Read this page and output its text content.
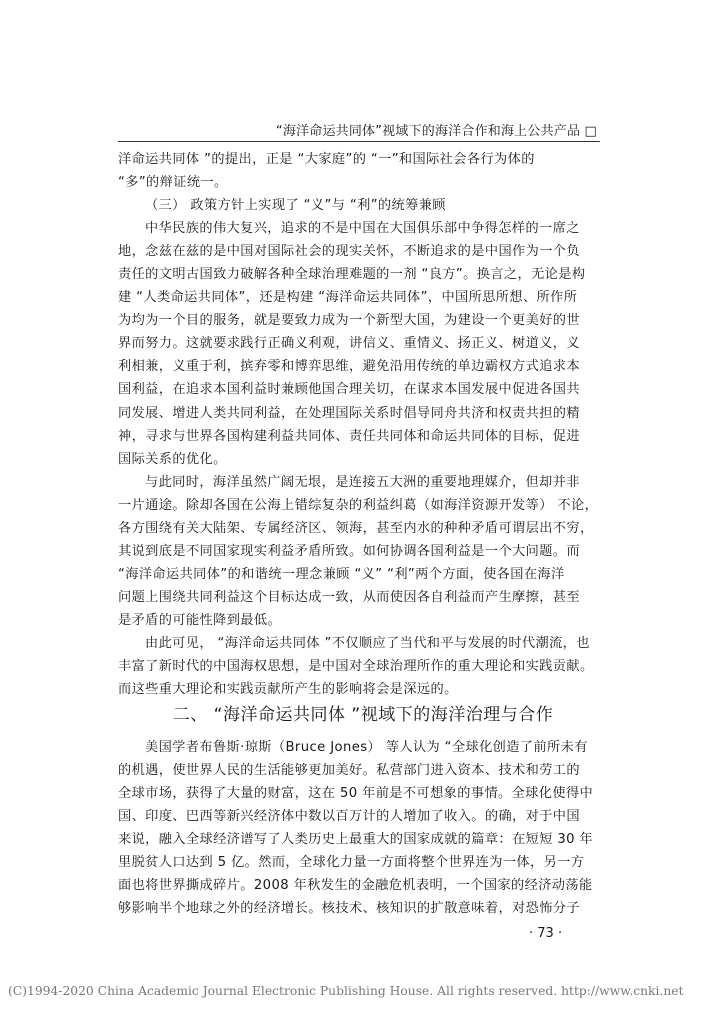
“海洋命运共同体”视域下的海洋合作和海上公共产品 □
洋命运共同体 ”的提出，正是 “大家庭”的 “一”和国际社会各行为体的
“多”的辩证统一。
（三） 政策方针上实现了 “义”与 “利”的统筹兼顾
中华民族的伟大复兴，追求的不是中国在大国俱乐部中争得怎样的一席之
地，念兹在兹的是中国对国际社会的现实关怀，不断追求的是中国作为一个负
责任的文明古国致力破解各种全球治理难题的一剂 “良方”。换言之，无论是构
建 “人类命运共同体”，还是构建 “海洋命运共同体”，中国所思所想、所作所
为均为一个目的服务，就是要致力成为一个新型大国，为建设一个更美好的世
界而努力。这就要求践行正确义利观，讲信义、重情义、扬正义、树道义，义
利相兼，义重于利，摈弃零和博弈思维，避免沿用传统的单边霸权方式追求本
国利益，在追求本国利益时兼顾他国合理关切，在谋求本国发展中促进各国共
同发展、增进人类共同利益，在处理国际关系时倡导同舟共济和权责共担的精
神，寻求与世界各国构建利益共同体、责任共同体和命运共同体的目标，促进
国际关系的优化。
与此同时，海洋虽然广阔无垠，是连接五大洲的重要地理媒介，但却并非
一片通途。除却各国在公海上错综复杂的利益纠葛（如海洋资源开发等） 不论，
各方围绕有关大陆架、专属经济区、领海，甚至内水的种种矛盾可谓层出不穷，
其说到底是不同国家现实利益矛盾所致。如何协调各国利益是一个大问题。而
“海洋命运共同体”的和谐统一理念兼顾 “义” “利”两个方面，使各国在海洋
问题上围绕共同利益这个目标达成一致，从而使因各自利益而产生摩擦，甚至
是矛盾的可能性降到最低。
由此可见， “海洋命运共同体 ”不仅顺应了当代和平与发展的时代潮流，也
丰富了新时代的中国海权思想，是中国对全球治理所作的重大理论和实践贡献。
而这些重大理论和实践贡献所产生的影响将会是深远的。
二、 “海洋命运共同体 ”视域下的海洋治理与合作
美国学者布鲁斯·琼斯（Bruce Jones） 等人认为 “全球化创造了前所未有
的机遇，使世界人民的生活能够更加美好。私营部门进入资本、技术和劳工的
全球市场，获得了大量的财富，这在 50 年前是不可想象的事情。全球化使得中
国、印度、巴西等新兴经济体中数以百万计的人增加了收入。的确，对于中国
来说，融入全球经济谱写了人类历史上最重大的国家成就的篇章：在短短 30 年
里脱贫人口达到 5 亿。然而，全球化力量一方面将整个世界连为一体，另一方
面也将世界撕成碎片。2008 年秋发生的金融危机表明，一个国家的经济动荡能
够影响半个地球之外的经济增长。核技术、核知识的扩散意味着，对恐怖分子
· 73 ·
(C)1994-2020 China Academic Journal Electronic Publishing House. All rights reserved. http://www.cnki.net
